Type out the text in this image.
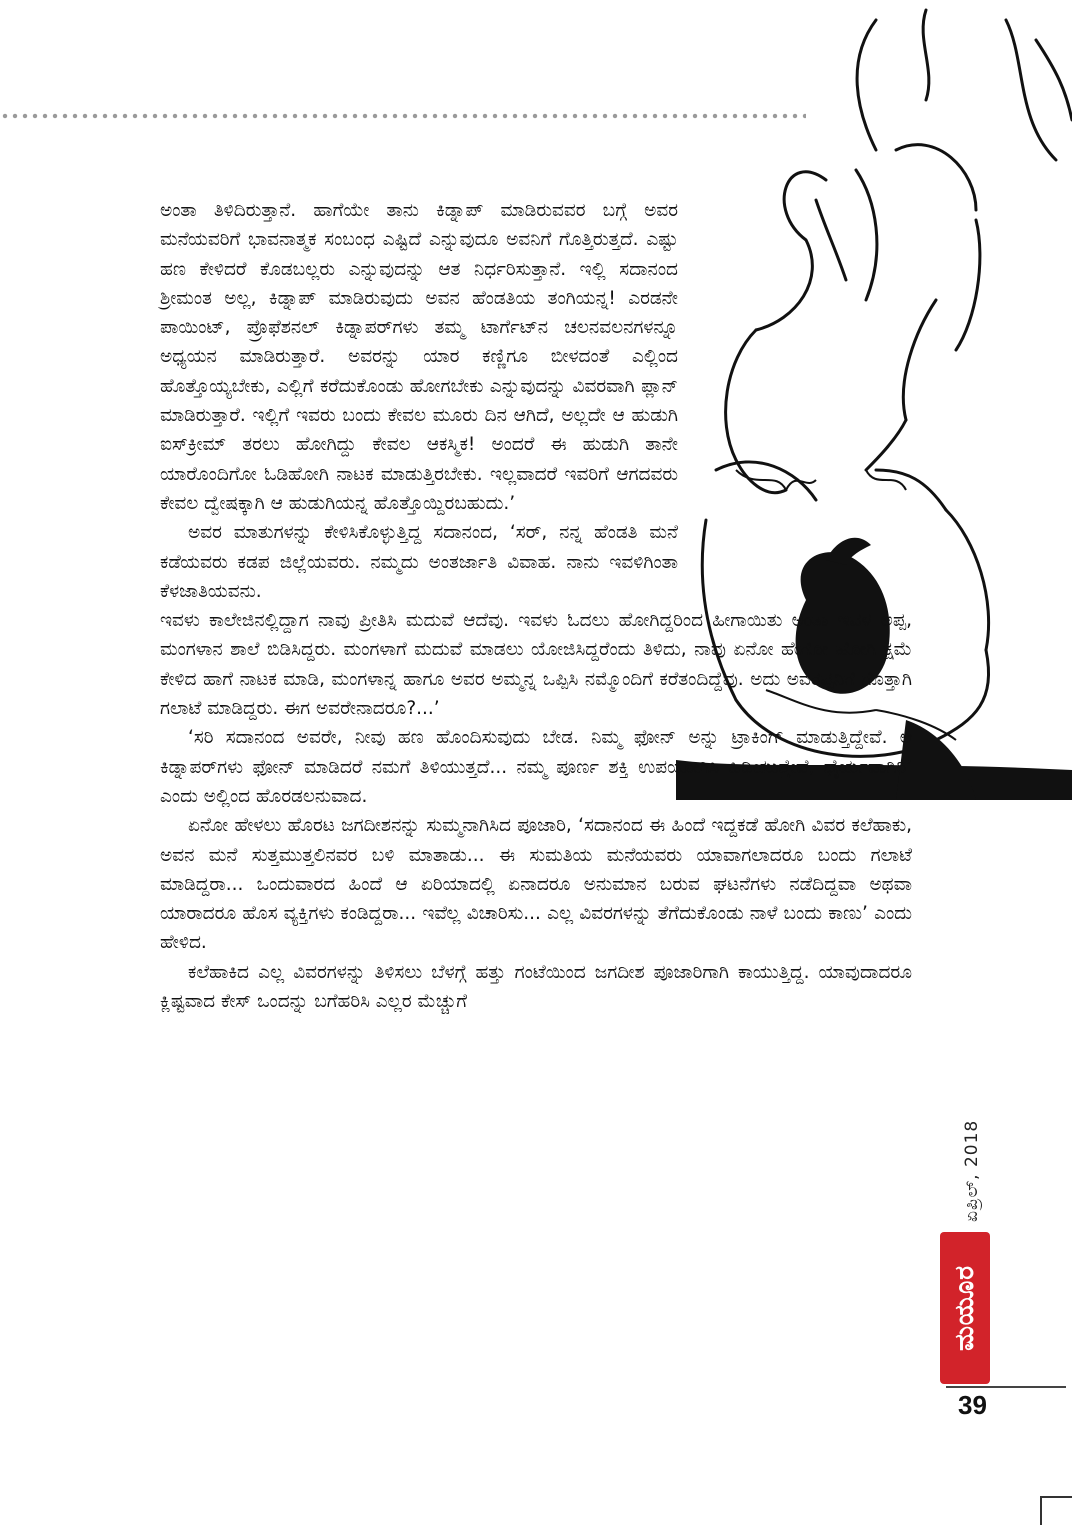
ಅಂತಾ ತಿಳಿದಿರುತ್ತಾನೆ. ಹಾಗೆಯೇ ತಾನು ಕಿಡ್ನಾಪ್ ಮಾಡಿರುವವರ ಬಗ್ಗೆ ಅವರ ಮನೆಯವರಿಗೆ ಭಾವನಾತ್ಮಕ ಸಂಬಂಧ ಎಷ್ಟಿದೆ ಎನ್ನುವುದೂ ಅವನಿಗೆ ಗೊತ್ತಿರುತ್ತದೆ. ಎಷ್ಟು ಹಣ ಕೇಳಿದರೆ ಕೊಡಬಲ್ಲರು ಎನ್ನುವುದನ್ನು ಆತ ನಿರ್ಧರಿಸುತ್ತಾನೆ. ಇಲ್ಲಿ ಸದಾನಂದ ಶ್ರೀಮಂತ ಅಲ್ಲ, ಕಿಡ್ನಾಪ್ ಮಾಡಿರುವುದು ಅವನ ಹೆಂಡತಿಯ ತಂಗಿಯನ್ನ! ಎರಡನೇ ಪಾಯಿಂಟ್, ಪ್ರೊಫೆಶನಲ್ ಕಿಡ್ನಾಪರ್‌ಗಳು ತಮ್ಮ ಟಾರ್ಗೆಟ್‌ನ ಚಲನವಲನಗಳನ್ನೂ ಅಧ್ಯಯನ ಮಾಡಿರುತ್ತಾರೆ. ಅವರನ್ನು ಯಾರ ಕಣ್ಣಿಗೂ ಬೀಳದಂತೆ ಎಲ್ಲಿಂದ ಹೊತ್ತೊಯ್ಯಬೇಕು, ಎಲ್ಲಿಗೆ ಕರೆದುಕೊಂಡು ಹೋಗಬೇಕು ಎನ್ನುವುದನ್ನು ವಿವರವಾಗಿ ಪ್ಲಾನ್ ಮಾಡಿರುತ್ತಾರೆ. ಇಲ್ಲಿಗೆ ಇವರು ಬಂದು ಕೇವಲ ಮೂರು ದಿನ ಆಗಿದೆ, ಅಲ್ಲದೇ ಆ ಹುಡುಗಿ ಐಸ್‌ಕ್ರೀಮ್ ತರಲು ಹೋಗಿದ್ದು ಕೇವಲ ಆಕಸ್ಮಿಕ! ಅಂದರೆ ಈ ಹುಡುಗಿ ತಾನೇ ಯಾರೊಂದಿಗೋ ಓಡಿಹೋಗಿ ನಾಟಕ ಮಾಡುತ್ತಿರಬೇಕು. ಇಲ್ಲವಾದರೆ ಇವರಿಗೆ ಆಗದವರು ಕೇವಲ ದ್ವೇಷಕ್ಕಾಗಿ ಆ ಹುಡುಗಿಯನ್ನ ಹೊತ್ತೊಯ್ದಿರಬಹುದು.’

ಅವರ ಮಾತುಗಳನ್ನು ಕೇಳಿಸಿಕೊಳ್ಳುತ್ತಿದ್ದ ಸದಾನಂದ, ‘ಸರ್, ನನ್ನ ಹೆಂಡತಿ ಮನೆ ಕಡೆಯವರು ಕಡಪ ಜಿಲ್ಲೆಯವರು. ನಮ್ಮದು ಅಂತರ್ಜಾತಿ ವಿವಾಹ. ನಾನು ಇವಳಿಗಿಂತಾ ಕೆಳಜಾತಿಯವನು.

ಇವಳು ಕಾಲೇಜಿನಲ್ಲಿದ್ದಾಗ ನಾವು ಪ್ರೀತಿಸಿ ಮದುವೆ ಆದೆವು. ಇವಳು ಓದಲು ಹೋಗಿದ್ದರಿಂದ ಹೀಗಾಯಿತು ಅಂತಾ ಇವಳ ಅಪ್ಪ, ಮಂಗಳಾನ ಶಾಲೆ ಬಿಡಿಸಿದ್ದರು. ಮಂಗಳಾಗೆ ಮದುವೆ ಮಾಡಲು ಯೋಜಿಸಿದ್ದರೆಂದು ತಿಳಿದು, ನಾವು ಏನೋ ಹೇಗೋ ಹೋಗಿ ಕ್ಷಮೆ ಕೇಳಿದ ಹಾಗೆ ನಾಟಕ ಮಾಡಿ, ಮಂಗಳಾನ್ನ ಹಾಗೂ ಅವರ ಅಮ್ಮನ್ನ ಒಪ್ಪಿಸಿ ನಮ್ಮೊಂದಿಗೆ ಕರೆತಂದಿದ್ದೆವು. ಅದು ಅವರಪ್ಪನಿಗೆ ಗೊತ್ತಾಗಿ ಗಲಾಟೆ ಮಾಡಿದ್ದರು. ಈಗ ಅವರೇನಾದರೂ?...’

‘ಸರಿ ಸದಾನಂದ ಅವರೇ, ನೀವು ಹಣ ಹೊಂದಿಸುವುದು ಬೇಡ. ನಿಮ್ಮ ಫೋನ್ ಅನ್ನು ಟ್ರಾಕಿಂಗ್ ಮಾಡುತ್ತಿದ್ದೇವೆ. ಆ ಕಿಡ್ನಾಪರ್‌ಗಳು ಫೋನ್ ಮಾಡಿದರೆ ನಮಗೆ ತಿಳಿಯುತ್ತದೆ... ನಮ್ಮ ಪೂರ್ಣ ಶಕ್ತಿ ಉಪಯೋಗಿಸಿ ಹಿಡಿಯುತ್ತೇವೆ, ಧೈರ್ಯವಾಗಿರಿ’ ಎಂದು ಅಲ್ಲಿಂದ ಹೊರಡಲನುವಾದ.

ಏನೋ ಹೇಳಲು ಹೊರಟ ಜಗದೀಶನನ್ನು ಸುಮ್ಮನಾಗಿಸಿದ ಪೂಜಾರಿ, ‘ಸದಾನಂದ ಈ ಹಿಂದೆ ಇದ್ದಕಡೆ ಹೋಗಿ ವಿವರ ಕಲೆಹಾಕು, ಅವನ ಮನೆ ಸುತ್ತಮುತ್ತಲಿನವರ ಬಳಿ ಮಾತಾಡು... ಈ ಸುಮತಿಯ ಮನೆಯವರು ಯಾವಾಗಲಾದರೂ ಬಂದು ಗಲಾಟೆ ಮಾಡಿದ್ದರಾ... ಒಂದುವಾರದ ಹಿಂದೆ ಆ ಏರಿಯಾದಲ್ಲಿ ಏನಾದರೂ ಅನುಮಾನ ಬರುವ ಘಟನೆಗಳು ನಡೆದಿದ್ದವಾ ಅಥವಾ ಯಾರಾದರೂ ಹೊಸ ವ್ಯಕ್ತಿಗಳು ಕಂಡಿದ್ದರಾ... ಇವೆಲ್ಲ ವಿಚಾರಿಸು... ಎಲ್ಲ ವಿವರಗಳನ್ನು ತೆಗೆದುಕೊಂಡು ನಾಳೆ ಬಂದು ಕಾಣು’ ಎಂದು ಹೇಳಿದ.

ಕಲೆಹಾಕಿದ ಎಲ್ಲ ವಿವರಗಳನ್ನು ತಿಳಿಸಲು ಬೆಳಗ್ಗೆ ಹತ್ತು ಗಂಟೆಯಿಂದ ಜಗದೀಶ ಪೂಜಾರಿಗಾಗಿ ಕಾಯುತ್ತಿದ್ದ. ಯಾವುದಾದರೂ ಕ್ಲಿಷ್ಟವಾದ ಕೇಸ್ ಒಂದನ್ನು ಬಗೆಹರಿಸಿ ಎಲ್ಲರ ಮೆಚ್ಚುಗೆ

ಏಪ್ರಿಲ್, 2018
ಮಯೂರ
39
